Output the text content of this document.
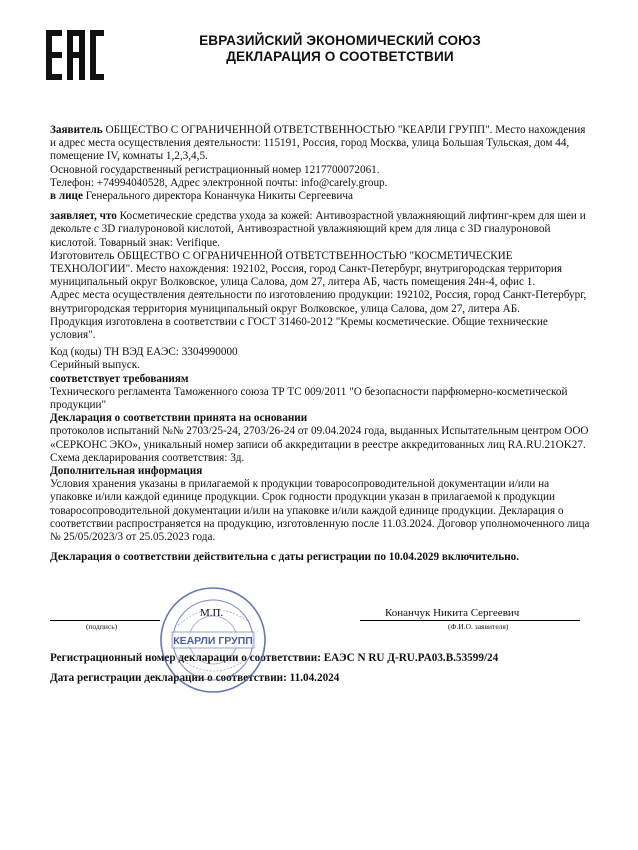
ЕВРАЗИЙСКИЙ ЭКОНОМИЧЕСКИЙ СОЮЗ
ДЕКЛАРАЦИЯ О СООТВЕТСТВИИ

Заявитель ОБЩЕСТВО С ОГРАНИЧЕННОЙ ОТВЕТСТВЕННОСТЬЮ "КЕАРЛИ ГРУПП". Место нахождения и адрес места осуществления деятельности: 115191, Россия, город Москва, улица Большая Тульская, дом 44, помещение IV, комнаты 1,2,3,4,5.

Основной государственный регистрационный номер 1217700072061.

Телефон: +74994040528, Адрес электронной почты: info@carely.group.

в лице Генерального директора Конанчука Никиты Сергеевича

заявляет, что Косметические средства ухода за кожей: Антивозрастной увлажняющий лифтинг-крем для шеи и декольте с 3D гиалуроновой кислотой, Антивозрастной увлажняющий крем для лица с 3D гиалуроновой кислотой. Товарный знак: Verifique.

Изготовитель ОБЩЕСТВО С ОГРАНИЧЕННОЙ ОТВЕТСТВЕННОСТЬЮ "КОСМЕТИЧЕСКИЕ ТЕХНОЛОГИИ". Место нахождения: 192102, Россия, город Санкт-Петербург, внутригородская территория муниципальный округ Волковское, улица Салова, дом 27, литера АБ, часть помещения 24н-4, офис 1.

Адрес места осуществления деятельности по изготовлению продукции: 192102, Россия, город Санкт-Петербург, внутригородская территория муниципальный округ Волковское, улица Салова, дом 27, литера АБ.

Продукция изготовлена в соответствии с ГОСТ 31460-2012 "Кремы косметические. Общие технические условия".

Код (коды) ТН ВЭД ЕАЭС: 3304990000

Серийный выпуск.

соответствует требованиям

Технического регламента Таможенного союза ТР ТС 009/2011 "О безопасности парфюмерно-косметической продукции"

Декларация о соответствии принята на основании

протоколов испытаний №№ 2703/25-24, 2703/26-24 от 09.04.2024 года, выданных Испытательным центром ООО «СЕРКОНС ЭКО», уникальный номер записи об аккредитации в реестре аккредитованных лиц RA.RU.21OK27.

Схема декларирования соответствия: 3д.

Дополнительная информация

Условия хранения указаны в прилагаемой к продукции товаросопроводительной документации и/или на упаковке и/или каждой единице продукции. Срок годности продукции указан в прилагаемой к продукции товаросопроводительной документации и/или на упаковке и/или каждой единице продукции. Декларация о соответствии распространяется на продукцию, изготовленную после 11.03.2024. Договор уполномоченного лица № 25/05/2023/3 от 25.05.2023 года.

Декларация о соответствии действительна с даты регистрации по 10.04.2029 включительно.

(подпись)
М.П.	Конанчук Никита Сергеевич
(Ф.И.О. заявителя)
Регистрационный номер декларации о соответствии: ЕАЭС N RU Д-RU.PA03.B.53599/24
Дата регистрации декларации о соответствии: 11.04.2024
КЕАРЛИ ГРУПП
